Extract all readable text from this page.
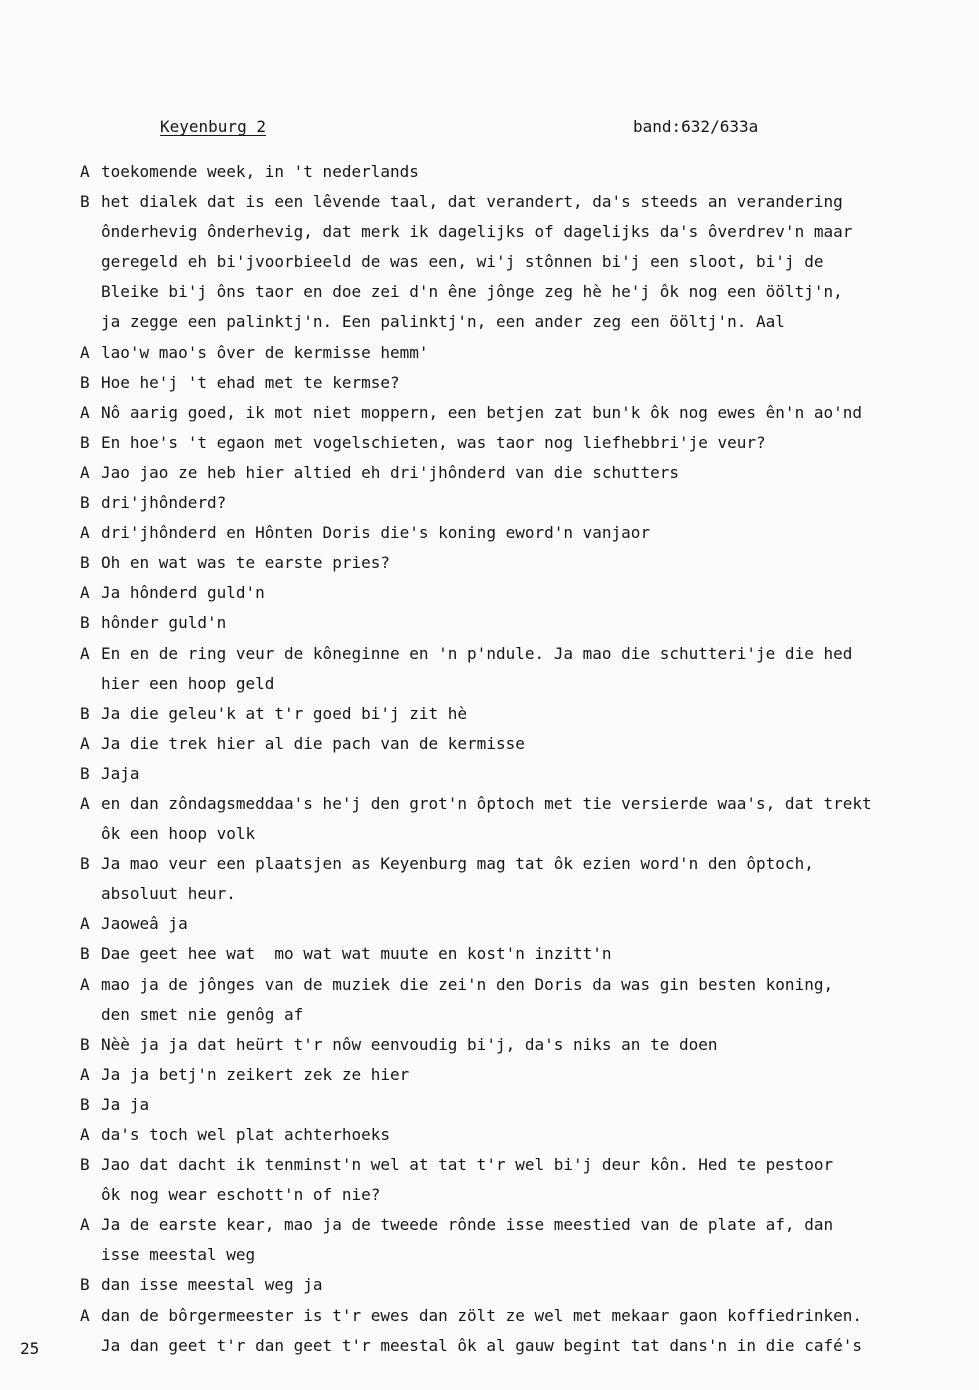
Keyenburg 2	band:632/633a
A toekomende week, in 't nederlands
B het dialek dat is een lêvende taal, dat verandert, da's steeds an verandering
ônderhevig ônderhevig, dat merk ik dagelijks of dagelijks da's ôverdrev'n maar
geregeld eh bi'jvoorbieeld de was een, wi'j stônnen bi'j een sloot, bi'j de
Bleike bi'j ôns taor en doe zei d'n êne jônge zeg hè he'j ôk nog een ööltj'n,
ja zegge een palinktj'n. Een palinktj'n, een ander zeg een ööltj'n. Aal
A lao'w mao's ôver de kermisse hemm'
B Hoe he'j 't ehad met te kermse?
A Nô aarig goed, ik mot niet moppern, een betjen zat bun'k ôk nog ewes ên'n ao'nd
B En hoe's 't egaon met vogelschieten, was taor nog liefhebbri'je veur?
A Jao jao ze heb hier altied eh dri'jhônderd van die schutters
B dri'jhônderd?
A dri'jhônderd en Hônten Doris die's koning eword'n vanjaor
B Oh en wat was te earste pries?
A Ja hônderd guld'n
B hônder guld'n
A En en de ring veur de kôneginne en 'n p'ndule. Ja mao die schutteri'je die hed
hier een hoop geld
B Ja die geleu'k at t'r goed bi'j zit hè
A Ja die trek hier al die pach van de kermisse
B Jaja
A en dan zôndagsmeddaa's he'j den grot'n ôptoch met tie versierde waa's, dat trekt
ôk een hoop volk
B Ja mao veur een plaatsjen as Keyenburg mag tat ôk ezien word'n den ôptoch,
absoluut heur.
A Jaoweâ ja
B Dae geet hee wat  mo wat wat muute en kost'n inzitt'n
A mao ja de jônges van de muziek die zei'n den Doris da was gin besten koning,
den smet nie genôg af
B Nèè ja ja dat heürt t'r nôw eenvoudig bi'j, da's niks an te doen
A Ja ja betj'n zeikert zek ze hier
B Ja ja
A da's toch wel plat achterhoeks
B Jao dat dacht ik tenminst'n wel at tat t'r wel bi'j deur kôn. Hed te pestoor
ôk nog wear eschott'n of nie?
A Ja de earste kear, mao ja de tweede rônde isse meestied van de plate af, dan
isse meestal weg
B dan isse meestal weg ja
A dan de bôrgermeester is t'r ewes dan zölt ze wel met mekaar gaon koffiedrinken.
Ja dan geet t'r dan geet t'r meestal ôk al gauw begint tat dans'n in die café's
25
